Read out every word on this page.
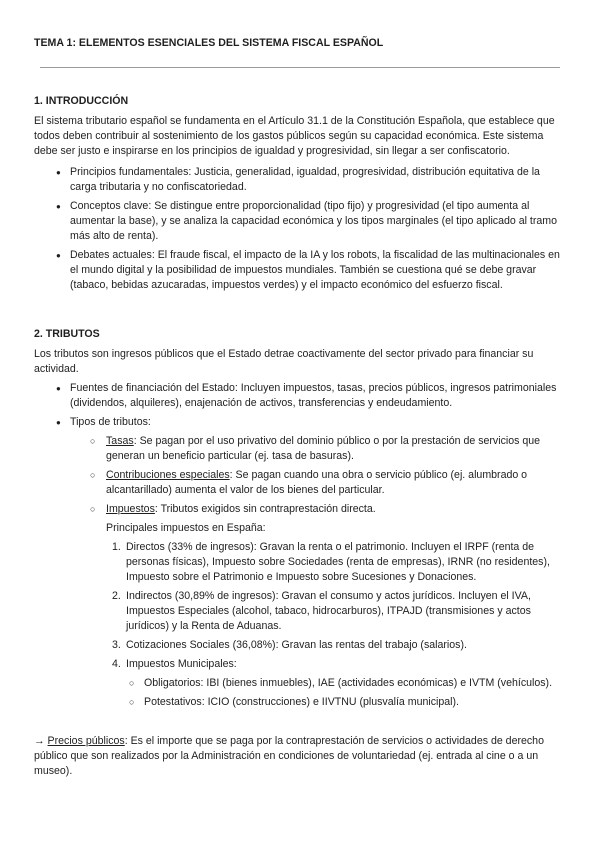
TEMA 1: ELEMENTOS ESENCIALES DEL SISTEMA FISCAL ESPAÑOL

1. INTRODUCCIÓN

El sistema tributario español se fundamenta en el Artículo 31.1 de la Constitución Española, que establece que todos deben contribuir al sostenimiento de los gastos públicos según su capacidad económica. Este sistema debe ser justo e inspirarse en los principios de igualdad y progresividad, sin llegar a ser confiscatorio.

● Principios fundamentales: Justicia, generalidad, igualdad, progresividad, distribución equitativa de la carga tributaria y no confiscatoriedad.
● Conceptos clave: Se distingue entre proporcionalidad (tipo fijo) y progresividad (el tipo aumenta al aumentar la base), y se analiza la capacidad económica y los tipos marginales (el tipo aplicado al tramo más alto de renta).
● Debates actuales: El fraude fiscal, el impacto de la IA y los robots, la fiscalidad de las multinacionales en el mundo digital y la posibilidad de impuestos mundiales. También se cuestiona qué se debe gravar (tabaco, bebidas azucaradas, impuestos verdes) y el impacto económico del esfuerzo fiscal.
2. TRIBUTOS

Los tributos son ingresos públicos que el Estado detrae coactivamente del sector privado para financiar su actividad.

● Fuentes de financiación del Estado: Incluyen impuestos, tasas, precios públicos, ingresos patrimoniales (dividendos, alquileres), enajenación de activos, transferencias y endeudamiento.
● Tipos de tributos:
○ Tasas: Se pagan por el uso privativo del dominio público o por la prestación de servicios que generan un beneficio particular (ej. tasa de basuras).
○ Contribuciones especiales: Se pagan cuando una obra o servicio público (ej. alumbrado o alcantarillado) aumenta el valor de los bienes del particular.
○ Impuestos: Tributos exigidos sin contraprestación directa.

Principales impuestos en España:

1. Directos (33% de ingresos): Gravan la renta o el patrimonio. Incluyen el IRPF (renta de personas físicas), Impuesto sobre Sociedades (renta de empresas), IRNR (no residentes), Impuesto sobre el Patrimonio e Impuesto sobre Sucesiones y Donaciones.
2. Indirectos (30,89% de ingresos): Gravan el consumo y actos jurídicos. Incluyen el IVA, Impuestos Especiales (alcohol, tabaco, hidrocarburos), ITPAJD (transmisiones y actos jurídicos) y la Renta de Aduanas.
3. Cotizaciones Sociales (36,08%): Gravan las rentas del trabajo (salarios).
4. Impuestos Municipales:
○ Obligatorios: IBI (bienes inmuebles), IAE (actividades económicas) e IVTM (vehículos).
○ Potestativos: ICIO (construcciones) e IIVTNU (plusvalía municipal).

→ Precios públicos: Es el importe que se paga por la contraprestación de servicios o actividades de derecho público que son realizados por la Administración en condiciones de voluntariedad (ej. entrada al cine o a un museo).
